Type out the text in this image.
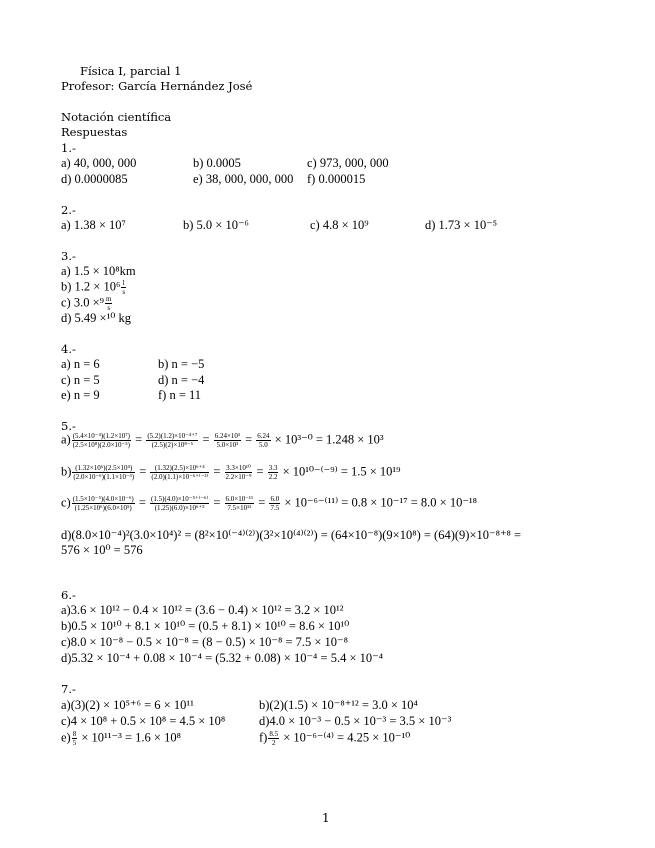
Física I, parcial 1
Profesor: García Hernández José
Notación científica
Respuestas
1.-
a) 40, 000, 000	b) 0.0005	c) 973, 000, 000
d) 0.0000085	e) 38, 000, 000, 000 f) 0.000015
2.-
a) 1.38 × 10⁷	b) 5.0 × 10⁻⁶	c) 4.8 × 10⁹	d) 1.73 × 10⁻⁵
3.-
a) 1.5 × 10⁸km
b) $1.2 \times 10^6 \frac{l}{s}$
c) $3.0 \times^9 \frac{m}{s}$
d) 5.49 ×¹⁰ kg
4.-
a) n = 6	b) n = −5
c) n = 5	d) n = −4
e) n = 9	f) n = 11
5.-
$a) \frac{\text{(5.4×10⁻⁴)(1.2×10⁷)}}{\text{(2.5×10⁸)(2.0×10⁻⁵)}} = \frac{\text{(5.2)(1.2)×10⁻⁴⁺⁷}}{\text{(2.5)(2)×10⁸⁻⁵}} = \frac{\text{6.24×10³}}{\text{5.0×10³}} = \frac{6.24}{5.0} \times 10^{3-0} = 1.248 \times 10^3$
$b) \frac{\text{(1.32×10⁶)(2.5×10⁴)}}{\text{(2.0×10⁻⁶)(1.1×10⁻³)}} = \frac{\text{(1.32)(2.5)×10⁶⁺⁴}}{\text{(2.0)(1.1)×10⁻⁶⁺⁽⁻³⁾}} = \frac{\text{3.3×10¹⁰}}{\text{2.2×10⁻⁹}} = \frac{3.3}{2.2} \times 10^{10-(-9)} = 1.5 \times 10^{19}$
$c) \frac{\text{(1.5×10⁻⁵)(4.0×10⁻⁶)}}{\text{(1.25×10⁶)(6.0×10⁵)}} = \frac{\text{(1.5)(4.0)×10⁻⁵⁺⁽⁻⁶⁾}}{\text{(1.25)(6.0)×10⁶⁺⁵}} = \frac{\text{6.0×10⁻¹¹}}{\text{7.5×10¹¹}} = \frac{6.0}{7.5} \times 10^{-6-(11)} = 0.8 \times 10^{-17} = 8.0 \times 10^{-18}$
d)(8.0×10⁻⁴)²(3.0×10⁴)² = (8²×10⁽⁻⁴⁾⁽²⁾)(3²×10⁽⁴⁾⁽²⁾) = (64×10⁻⁸)(9×10⁸) = (64)(9)×10⁻⁸⁺⁸ =
576 × 10⁰ = 576
6.-
a)3.6 × 10¹² − 0.4 × 10¹² = (3.6 − 0.4) × 10¹² = 3.2 × 10¹²
b)0.5 × 10¹⁰ + 8.1 × 10¹⁰ = (0.5 + 8.1) × 10¹⁰ = 8.6 × 10¹⁰
c)8.0 × 10⁻⁸ − 0.5 × 10⁻⁸ = (8 − 0.5) × 10⁻⁸ = 7.5 × 10⁻⁸
d)5.32 × 10⁻⁴ + 0.08 × 10⁻⁴ = (5.32 + 0.08) × 10⁻⁴ = 5.4 × 10⁻⁴
7.-
a)(3)(2) × 10⁵⁺⁶ = 6 × 10¹¹	b)(2)(1.5) × 10⁻⁸⁺¹² = 3.0 × 10⁴
c)4 × 10⁸ + 0.5 × 10⁸ = 4.5 × 10⁸	d)4.0 × 10⁻³ − 0.5 × 10⁻³ = 3.5 × 10⁻³
$e) \frac{8}{5} \times 10^{11-3} = 1.6 \times 10^8$	$f) \frac{8.5}{2} \times 10^{-6-(4)} = 4.25 \times 10^{-10}$
1
